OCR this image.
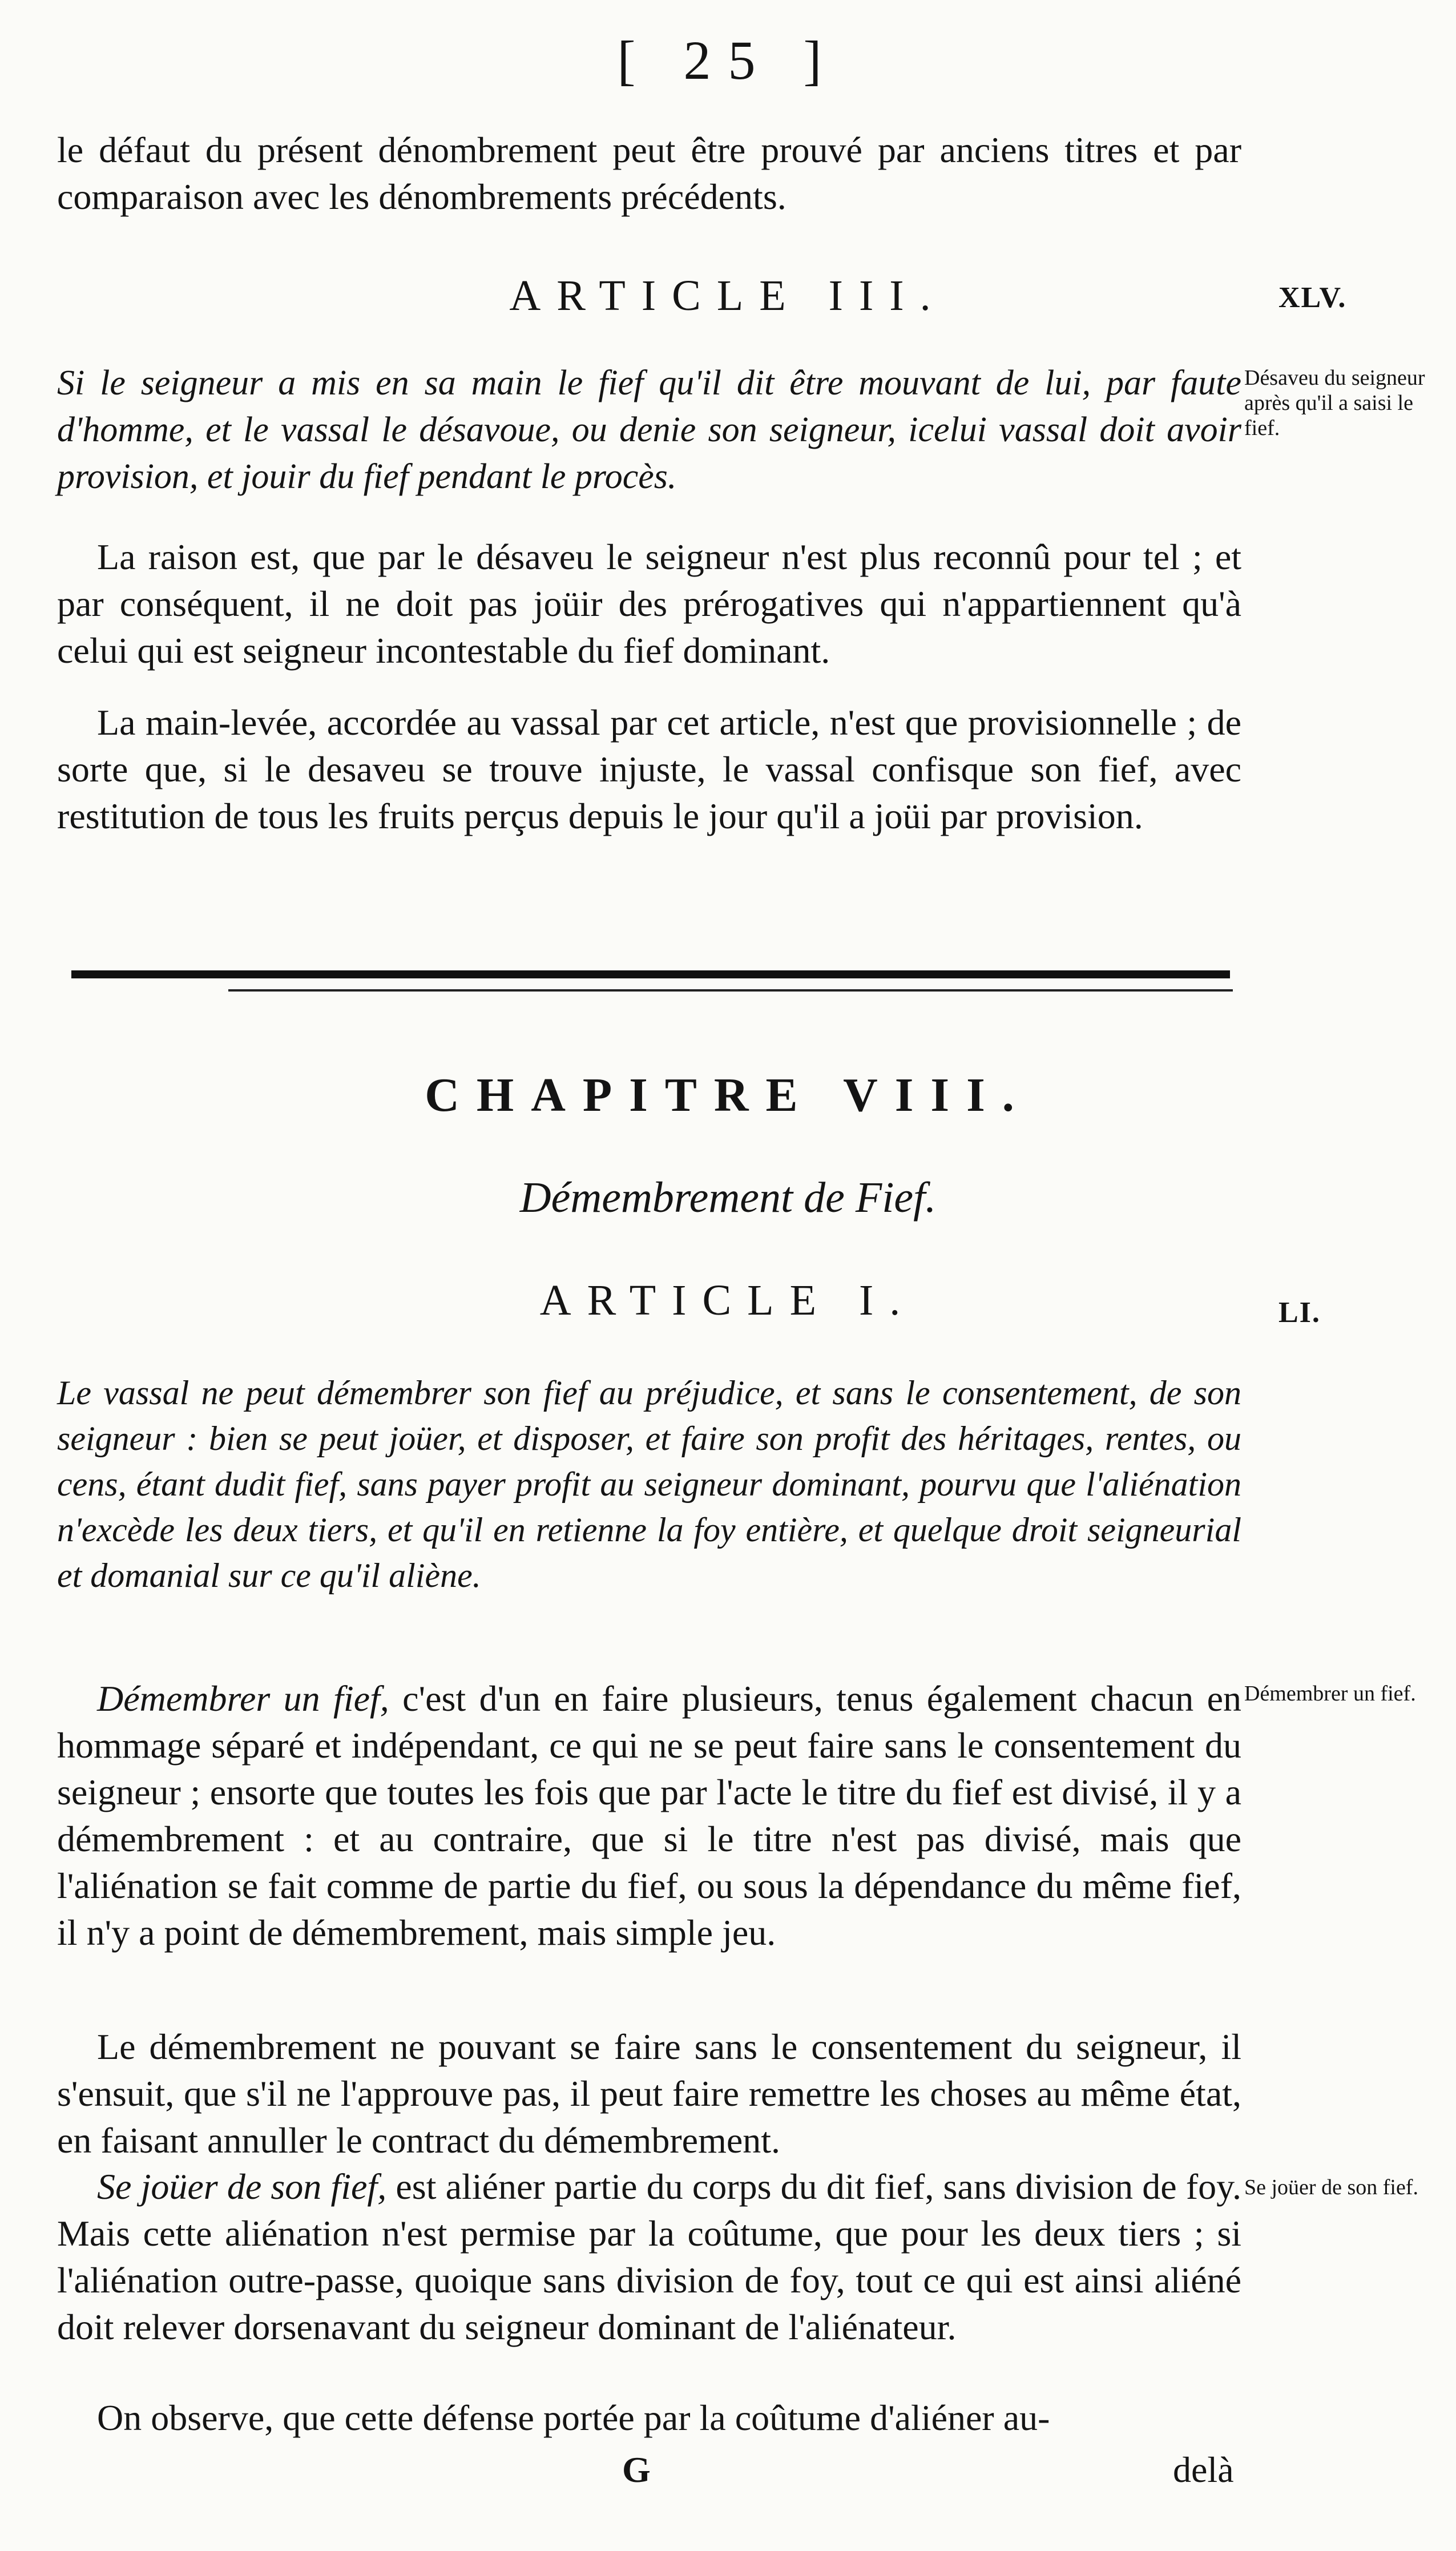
[ 25 ]

le défaut du présent dénombrement peut être prouvé par anciens titres et par comparaison avec les dénombrements précédents.

ARTICLE III.	XLV.

Si le seigneur a mis en sa main le fief qu'il dit être mouvant de lui, par faute d'homme, et le vassal le désavoue, ou denie son seigneur, icelui vassal doit avoir provision, et jouir du fief pendant le procès.

Désaveu du seigneur après qu'il a saisi le fief.

La raison est, que par le désaveu le seigneur n'est plus reconnû pour tel ; et par conséquent, il ne doit pas joüir des prérogatives qui n'appartiennent qu'à celui qui est seigneur incontestable du fief dominant.

La main-levée, accordée au vassal par cet article, n'est que provisionnelle ; de sorte que, si le desaveu se trouve injuste, le vassal confisque son fief, avec restitution de tous les fruits perçus depuis le jour qu'il a joüi par provision.

CHAPITRE VIII.
Démembrement de Fief.
ARTICLE I.	LI.

Le vassal ne peut démembrer son fief au préjudice, et sans le consentement, de son seigneur : bien se peut joüer, et disposer, et faire son profit des héritages, rentes, ou cens, étant dudit fief, sans payer profit au seigneur dominant, pourvu que l'aliénation n'excède les deux tiers, et qu'il en retienne la foy entière, et quelque droit seigneurial et domanial sur ce qu'il aliène.

Démembrer un fief, c'est d'un en faire plusieurs, tenus également chacun en hommage séparé et indépendant, ce qui ne se peut faire sans le consentement du seigneur ; ensorte que toutes les fois que par l'acte le titre du fief est divisé, il y a démembrement : et au contraire, que si le titre n'est pas divisé, mais que l'aliénation se fait comme de partie du fief, ou sous la dépendance du même fief, il n'y a point de démembrement, mais simple jeu.

Démembrer un fief.

Le démembrement ne pouvant se faire sans le consentement du seigneur, il s'ensuit, que s'il ne l'approuve pas, il peut faire remettre les choses au même état, en faisant annuller le contract du démembrement.

Se joüer de son fief, est aliéner partie du corps du dit fief, sans division de foy. Mais cette aliénation n'est permise par la coûtume, que pour les deux tiers ; si l'aliénation outre-passe, quoique sans division de foy, tout ce qui est ainsi aliéné doit relever dorsenavant du seigneur dominant de l'aliénateur.

Se joüer de son fief.

On observe, que cette défense portée par la coûtume d'aliéner au-

G	delà
